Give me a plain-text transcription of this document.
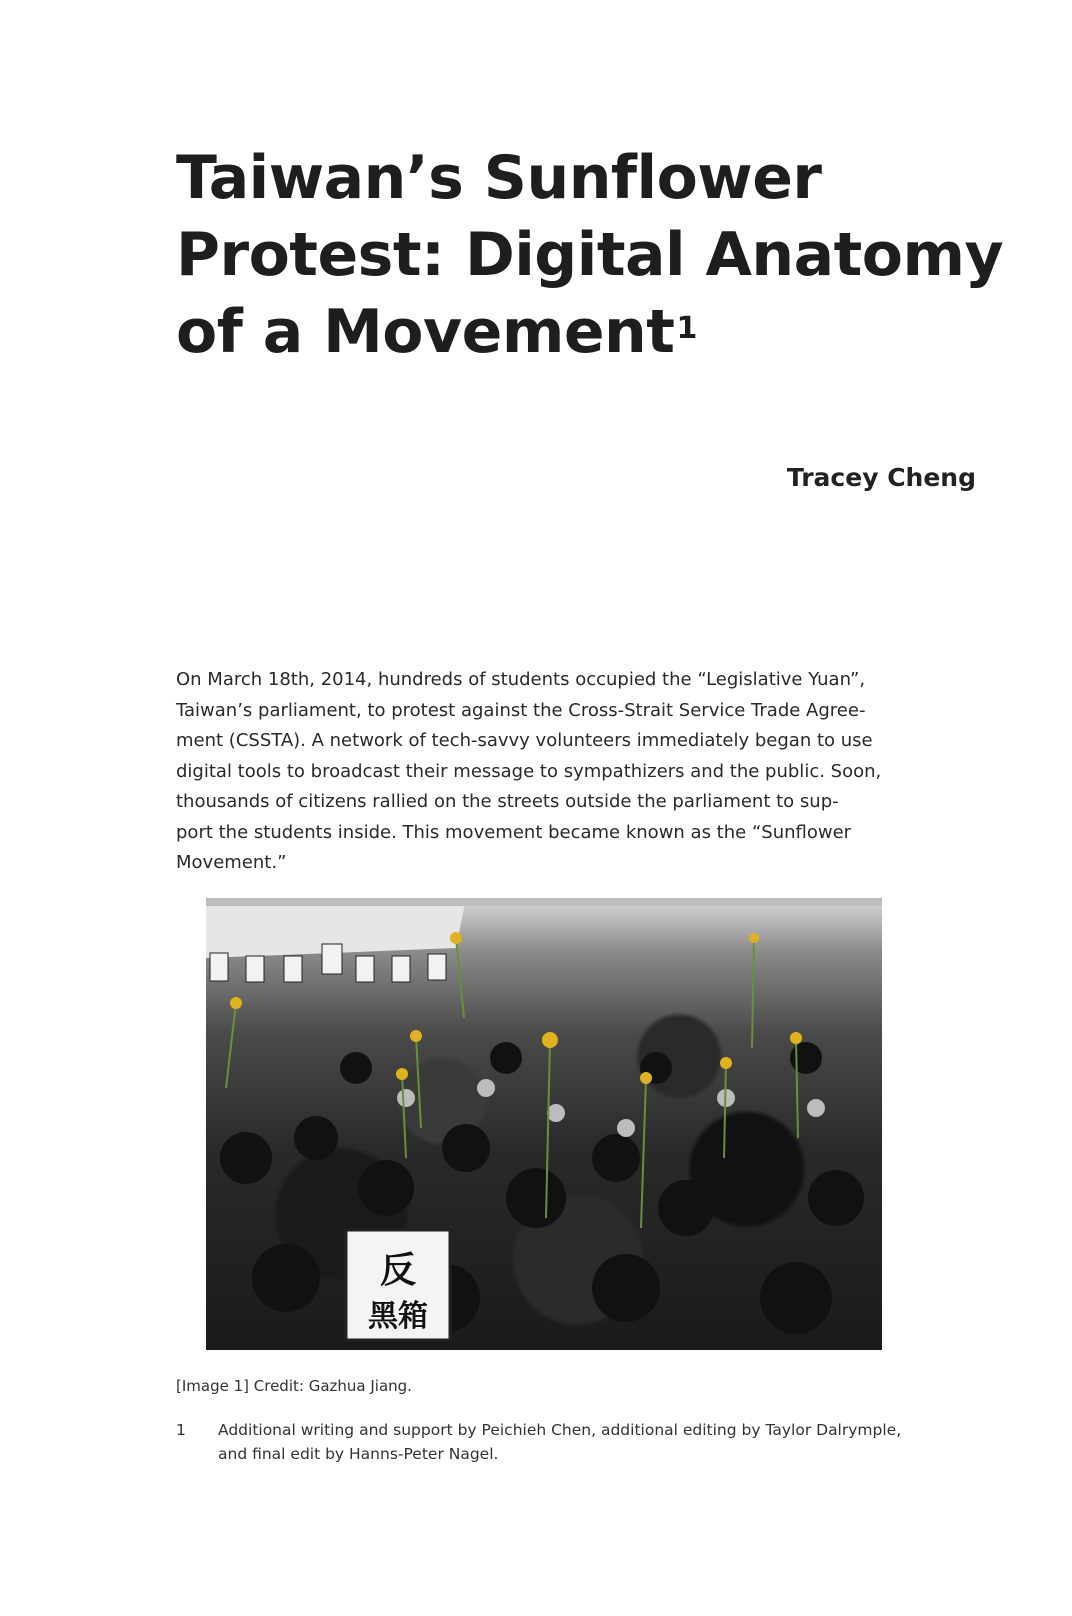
Taiwan’s Sunflower
Protest: Digital Anatomy
of a Movement$^1$

Tracey Cheng

On March 18th, 2014, hundreds of students occupied the “Legislative Yuan”,
Taiwan’s parliament, to protest against the Cross-Strait Service Trade Agree-
ment (CSSTA). A network of tech-savvy volunteers immediately began to use
digital tools to broadcast their message to sympathizers and the public. Soon,
thousands of citizens rallied on the streets outside the parliament to sup-
port the students inside. This movement became known as the “Sunflower
Movement.”

反
黑箱

[Image 1] Credit: Gazhua Jiang.

1 Additional writing and support by Peichieh Chen, additional editing by Taylor Dalrymple,
and final edit by Hanns-Peter Nagel.
